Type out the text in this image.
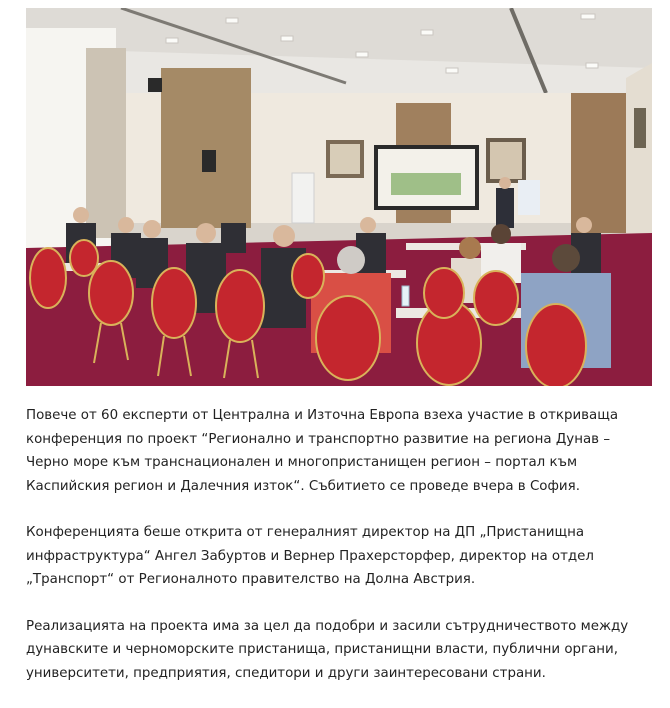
Повече от 60 експерти от Централна и Източна Европа взеха участие в откриваща конференция по проект “Регионално и транспортно развитие на региона Дунав – Черно море към транснационален и многопристанищен регион – портал към Каспийския регион и Далечния изток“. Събитието се проведе вчера в София.

Конференцията беше открита от генералният директор на ДП „Пристанищна инфраструктура“ Ангел Забуртов и Вернер Прахерсторфер, директор на отдел „Транспорт“ от Регионалното правителство на Долна Австрия.

Реализацията на проекта има за цел да подобри и засили сътрудничеството между дунавските и черноморските пристанища, пристанищни власти, публични органи, университети, предприятия, спедитори и други заинтересовани страни.
